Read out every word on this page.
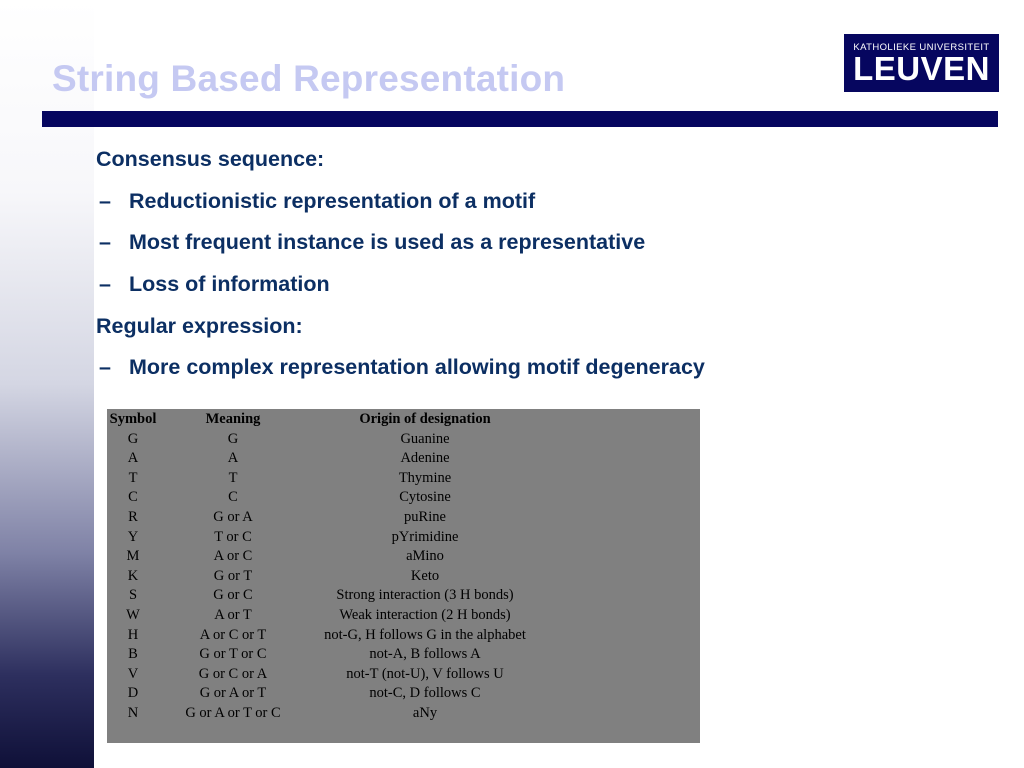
String Based Representation
KATHOLIEKE UNIVERSITEIT
LEUVEN
Consensus sequence:
– Reductionistic representation of a motif
– Most frequent instance is used as a representative
– Loss of information
Regular expression:
– More complex representation allowing motif degeneracy
Symbol	Meaning	Origin of designation
G	G	Guanine
A	A	Adenine
T	T	Thymine
C	C	Cytosine
R	G or A	puRine
Y	T or C	pYrimidine
M	A or C	aMino
K	G or T	Keto
S	G or C	Strong interaction (3 H bonds)
W	A or T	Weak interaction (2 H bonds)
H	A or C or T	not-G, H follows G in the alphabet
B	G or T or C	not-A, B follows A
V	G or C or A	not-T (not-U), V follows U
D	G or A or T	not-C, D follows C
N	G or A or T or C	aNy
